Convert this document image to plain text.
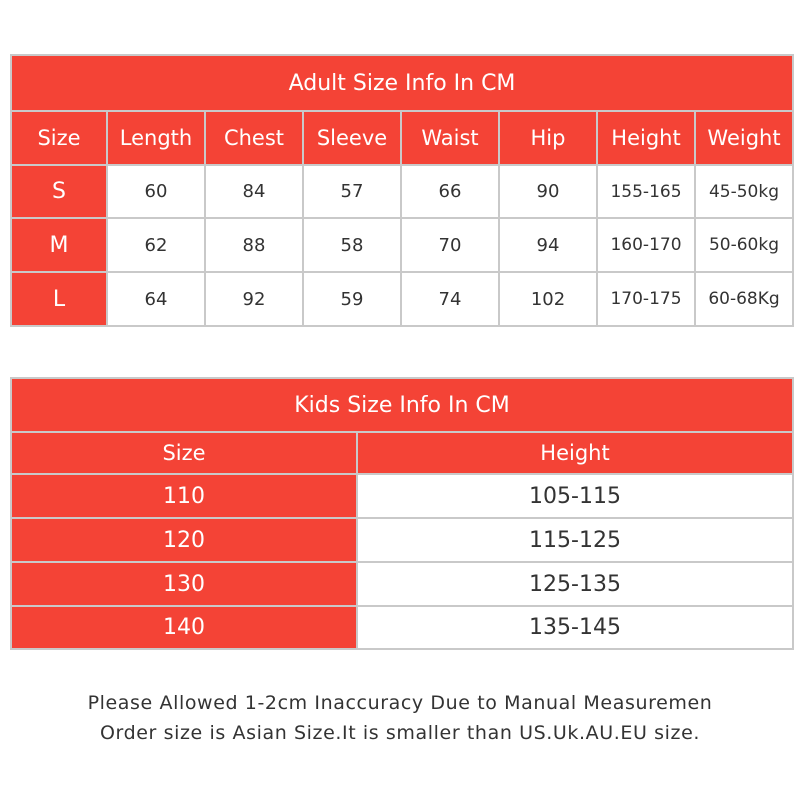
Adult Size Info In CM
Size	Length	Chest	Sleeve	Waist	Hip	Height	Weight
S	60	84	57	66	90	155-165	45-50kg
M	62	88	58	70	94	160-170	50-60kg
L	64	92	59	74	102	170-175	60-68Kg
Kids Size Info In CM
Size	Height
110	105-115
120	115-125
130	125-135
140	135-145
Please Allowed 1-2cm Inaccuracy Due to Manual Measuremen
Order size is Asian Size.It is smaller than US.Uk.AU.EU size.
